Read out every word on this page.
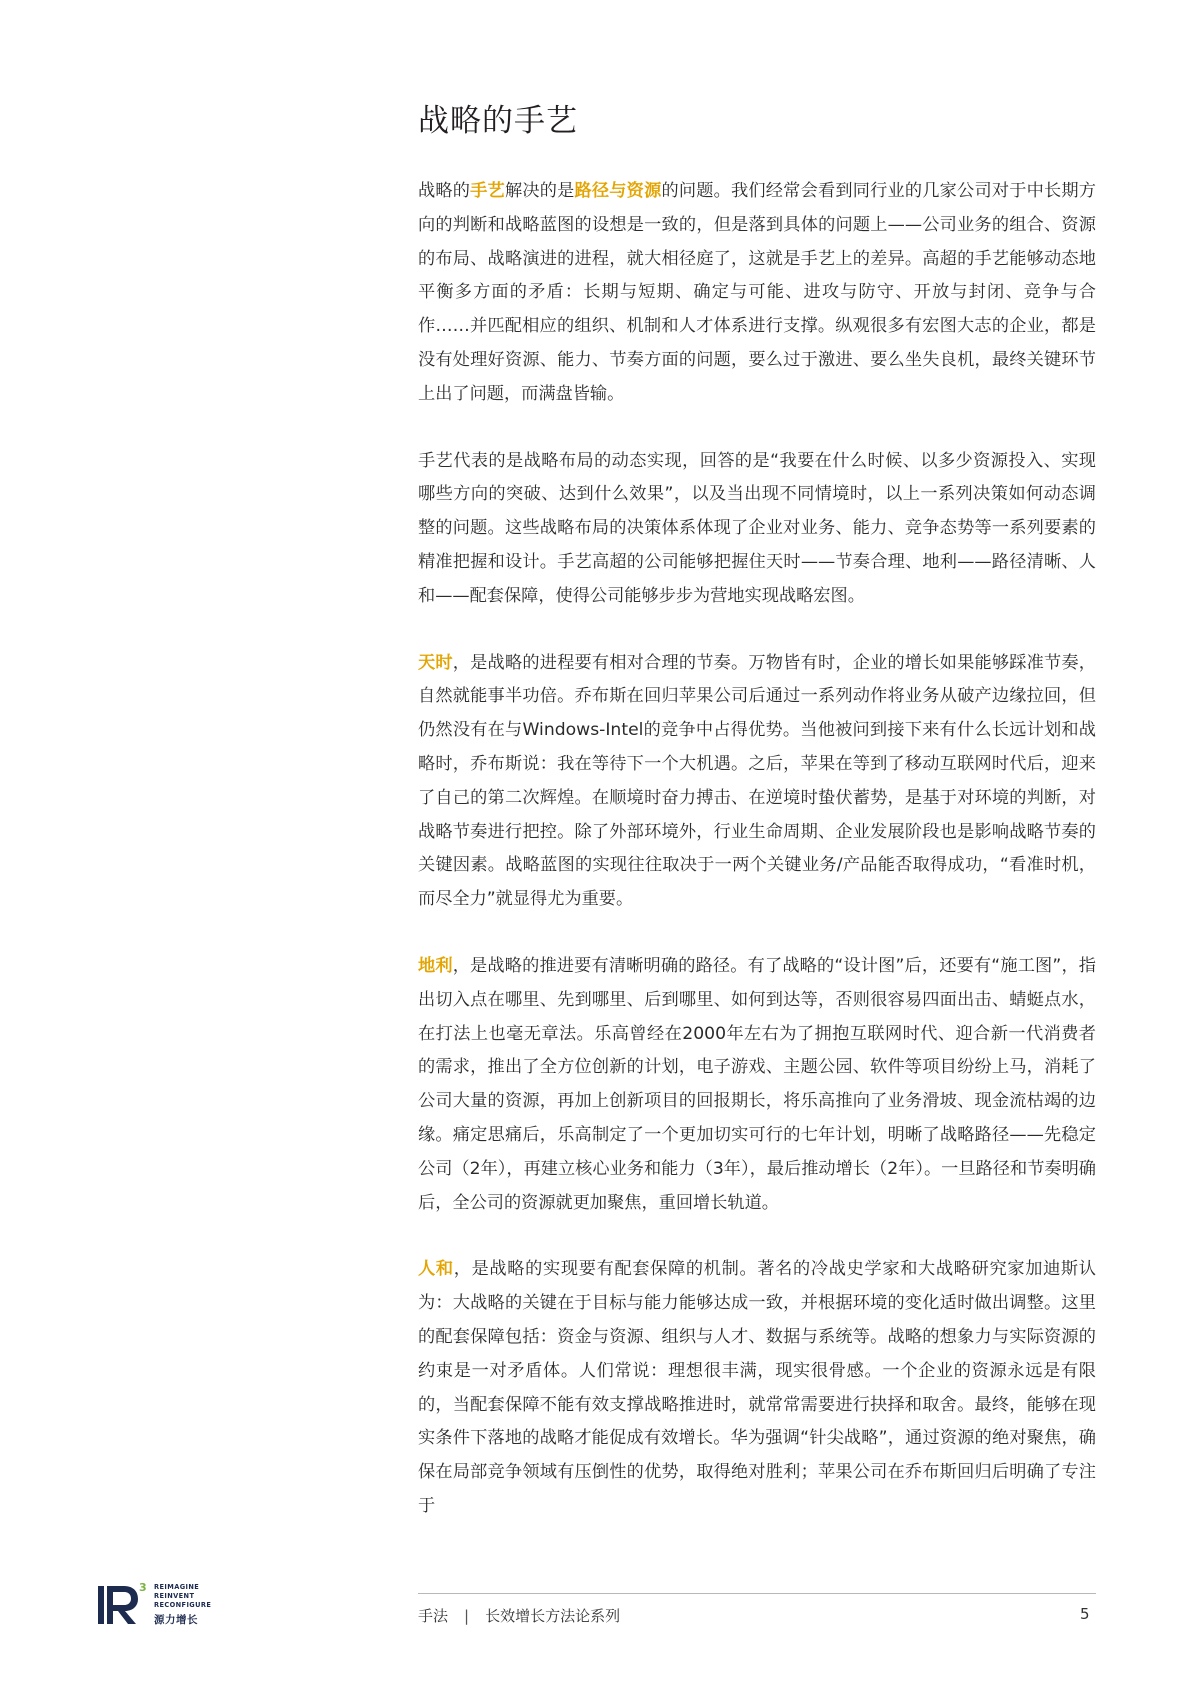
战略的手艺

战略的手艺解决的是路径与资源的问题。我们经常会看到同行业的几家公司对于中长期方向的判断和战略蓝图的设想是一致的，但是落到具体的问题上——公司业务的组合、资源的布局、战略演进的进程，就大相径庭了，这就是手艺上的差异。高超的手艺能够动态地平衡多方面的矛盾：长期与短期、确定与可能、进攻与防守、开放与封闭、竞争与合作……并匹配相应的组织、机制和人才体系进行支撑。纵观很多有宏图大志的企业，都是没有处理好资源、能力、节奏方面的问题，要么过于激进、要么坐失良机，最终关键环节上出了问题，而满盘皆输。

手艺代表的是战略布局的动态实现，回答的是“我要在什么时候、以多少资源投入、实现哪些方向的突破、达到什么效果”，以及当出现不同情境时，以上一系列决策如何动态调整的问题。这些战略布局的决策体系体现了企业对业务、能力、竞争态势等一系列要素的精准把握和设计。手艺高超的公司能够把握住天时——节奏合理、地利——路径清晰、人和——配套保障，使得公司能够步步为营地实现战略宏图。

天时，是战略的进程要有相对合理的节奏。万物皆有时，企业的增长如果能够踩准节奏，自然就能事半功倍。乔布斯在回归苹果公司后通过一系列动作将业务从破产边缘拉回，但仍然没有在与Windows-Intel的竞争中占得优势。当他被问到接下来有什么长远计划和战略时，乔布斯说：我在等待下一个大机遇。之后，苹果在等到了移动互联网时代后，迎来了自己的第二次辉煌。在顺境时奋力搏击、在逆境时蛰伏蓄势，是基于对环境的判断，对战略节奏进行把控。除了外部环境外，行业生命周期、企业发展阶段也是影响战略节奏的关键因素。战略蓝图的实现往往取决于一两个关键业务/产品能否取得成功，“看准时机，而尽全力”就显得尤为重要。

地利，是战略的推进要有清晰明确的路径。有了战略的“设计图”后，还要有“施工图”，指出切入点在哪里、先到哪里、后到哪里、如何到达等，否则很容易四面出击、蜻蜓点水，在打法上也毫无章法。乐高曾经在2000年左右为了拥抱互联网时代、迎合新一代消费者的需求，推出了全方位创新的计划，电子游戏、主题公园、软件等项目纷纷上马，消耗了公司大量的资源，再加上创新项目的回报期长，将乐高推向了业务滑坡、现金流枯竭的边缘。痛定思痛后，乐高制定了一个更加切实可行的七年计划，明晰了战略路径——先稳定公司（2年），再建立核心业务和能力（3年），最后推动增长（2年）。一旦路径和节奏明确后，全公司的资源就更加聚焦，重回增长轨道。

人和，是战略的实现要有配套保障的机制。著名的冷战史学家和大战略研究家加迪斯认为：大战略的关键在于目标与能力能够达成一致，并根据环境的变化适时做出调整。这里的配套保障包括：资金与资源、组织与人才、数据与系统等。战略的想象力与实际资源的约束是一对矛盾体。人们常说：理想很丰满，现实很骨感。一个企业的资源永远是有限的，当配套保障不能有效支撑战略推进时，就常常需要进行抉择和取舍。最终，能够在现实条件下落地的战略才能促成有效增长。华为强调“针尖战略”，通过资源的绝对聚焦，确保在局部竞争领域有压倒性的优势，取得绝对胜利；苹果公司在乔布斯回归后明确了专注于

手法 | 长效增长方法论系列	5
3 REIMAGINE
REINVENT
RECONFIGURE
源力增长
